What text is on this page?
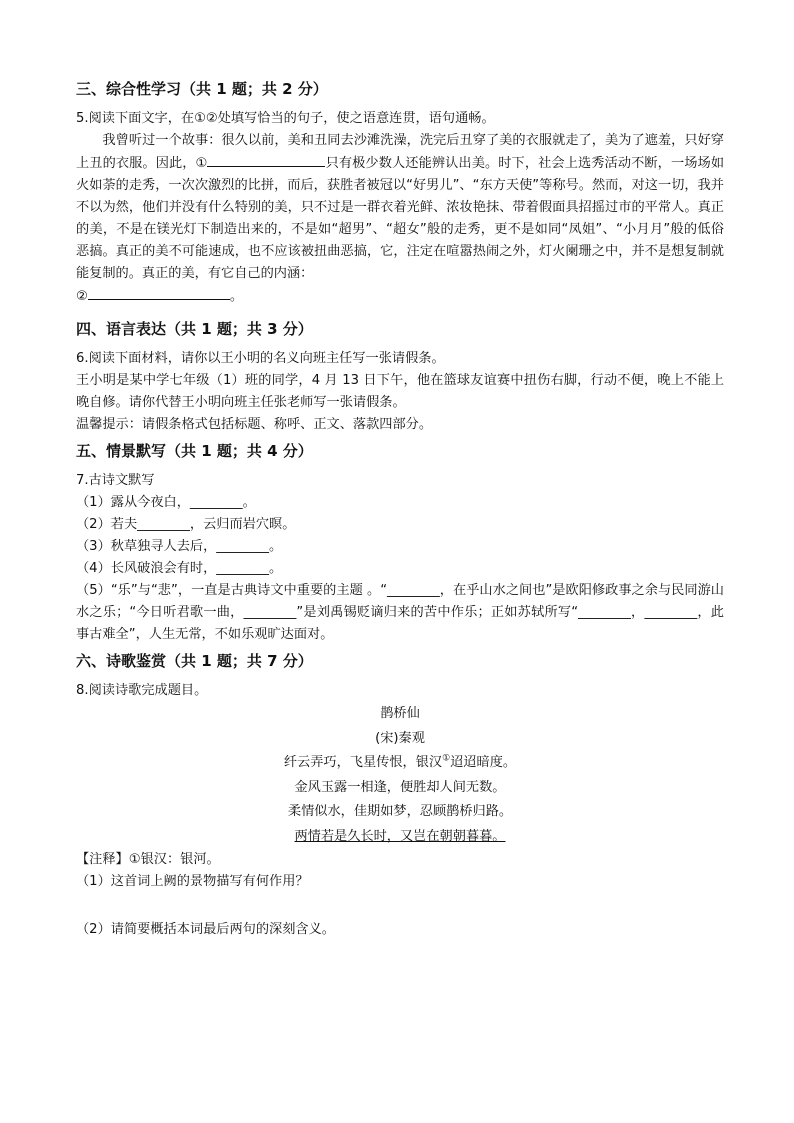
三、综合性学习（共 1 题；共 2 分）

5.阅读下面文字，在①②处填写恰当的句子，使之语意连贯，语句通畅。

我曾听过一个故事：很久以前，美和丑同去沙滩洗澡，洗完后丑穿了美的衣服就走了，美为了遮羞，只好穿上丑的衣服。因此，①	只有极少数人还能辨认出美。时下，社会上选秀活动不断，一场场如火如荼的走秀，一次次激烈的比拼，而后，获胜者被冠以“好男儿”、“东方天使”等称号。然而，对这一切，我并不以为然，他们并没有什么特别的美，只不过是一群衣着光鲜、浓妆艳抹、带着假面具招摇过市的平常人。真正的美，不是在镁光灯下制造出来的，不是如“超男”、“超女”般的走秀，更不是如同“凤姐”、“小月月”般的低俗恶搞。真正的美不可能速成，也不应该被扭曲恶搞，它，注定在喧嚣热闹之外，灯火阑珊之中，并不是想复制就能复制的。真正的美，有它自己的内涵：

②	。

四、语言表达（共 1 题；共 3 分）

6.阅读下面材料，请你以王小明的名义向班主任写一张请假条。

王小明是某中学七年级（1）班的同学，4 月 13 日下午，他在篮球友谊赛中扭伤右脚，行动不便，晚上不能上晚自修。请你代替王小明向班主任张老师写一张请假条。

温馨提示：请假条格式包括标题、称呼、正文、落款四部分。

五、情景默写（共 1 题；共 4 分）

7.古诗文默写

（1）露从今夜白，________。

（2）若夫________，云归而岩穴暝。

（3）秋草独寻人去后，________。

（4）长风破浪会有时，________。

（5）“乐”与“悲”，一直是古典诗文中重要的主题 。“________，在乎山水之间也”是欧阳修政事之余与民同游山水之乐；“今日听君歌一曲，________”是刘禹锡贬谪归来的苦中作乐；正如苏轼所写“________，________，此事古难全”，人生无常，不如乐观旷达面对。

六、诗歌鉴赏（共 1 题；共 7 分）

8.阅读诗歌完成题目。

鹊桥仙
(宋)秦观
纤云弄巧，飞星传恨，银汉①迢迢暗度。
金风玉露一相逢，便胜却人间无数。
柔情似水，佳期如梦，忍顾鹊桥归路。
两情若是久长时，又岂在朝朝暮暮。

【注释】①银汉：银河。

（1）这首词上阙的景物描写有何作用？

（2）请简要概括本词最后两句的深刻含义。
